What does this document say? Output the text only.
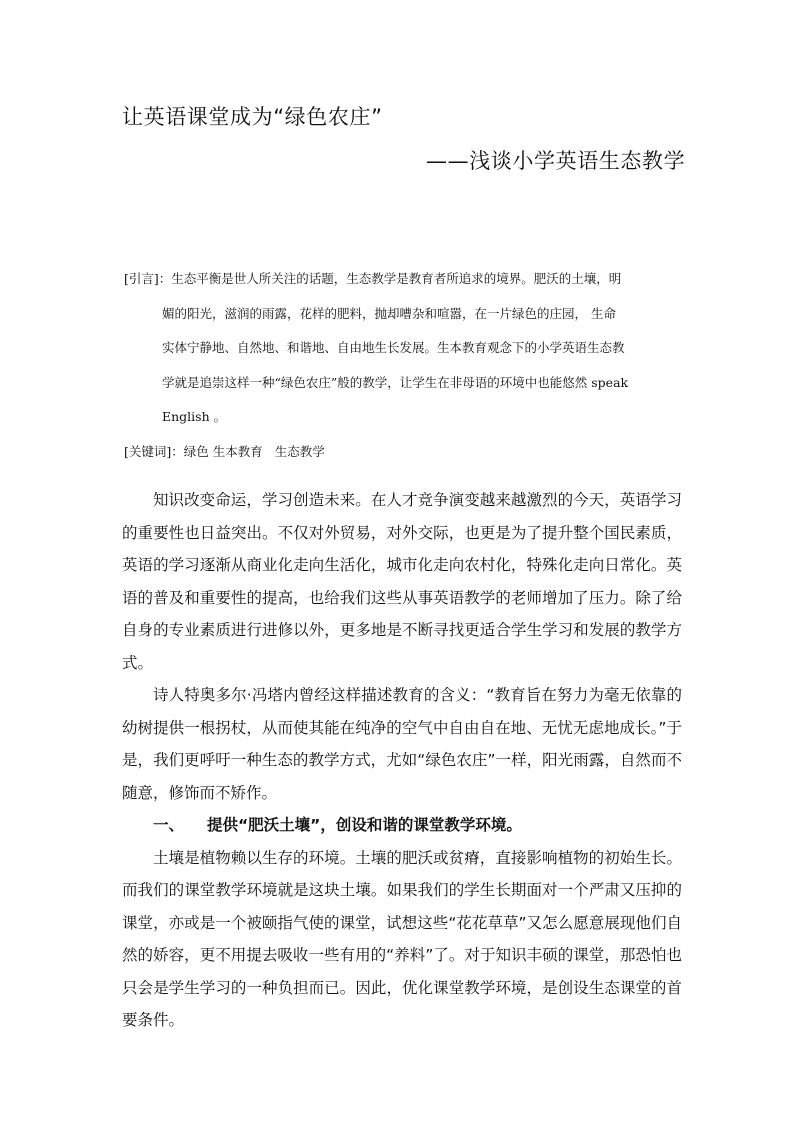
让英语课堂成为“绿色农庄”
——浅谈小学英语生态教学
[引言]：生态平衡是世人所关注的话题，生态教学是教育者所追求的境界。肥沃的土壤，明
媚的阳光，滋润的雨露，花样的肥料，抛却嘈杂和喧嚣，在一片绿色的庄园， 生命
实体宁静地、自然地、和谐地、自由地生长发展。生本教育观念下的小学英语生态教
学就是追崇这样一种“绿色农庄”般的教学，让学生在非母语的环境中也能悠然 speak
English 。
[关键词]：绿色 生本教育 生态教学

知识改变命运，学习创造未来。在人才竞争演变越来越激烈的今天，英语学习的重要性也日益突出。不仅对外贸易，对外交际，也更是为了提升整个国民素质，英语的学习逐渐从商业化走向生活化，城市化走向农村化，特殊化走向日常化。英语的普及和重要性的提高，也给我们这些从事英语教学的老师增加了压力。除了给自身的专业素质进行进修以外，更多地是不断寻找更适合学生学习和发展的教学方式。

诗人特奥多尔·冯塔内曾经这样描述教育的含义：“教育旨在努力为毫无依靠的幼树提供一根拐杖，从而使其能在纯净的空气中自由自在地、无忧无虑地成长。”于是，我们更呼吁一种生态的教学方式，尤如“绿色农庄”一样，阳光雨露，自然而不随意，修饰而不矫作。

一、 提供“肥沃土壤”，创设和谐的课堂教学环境。

土壤是植物赖以生存的环境。土壤的肥沃或贫瘠，直接影响植物的初始生长。而我们的课堂教学环境就是这块土壤。如果我们的学生长期面对一个严肃又压抑的课堂，亦或是一个被颐指气使的课堂，试想这些“花花草草”又怎么愿意展现他们自然的娇容，更不用提去吸收一些有用的“养料”了。对于知识丰硕的课堂，那恐怕也只会是学生学习的一种负担而已。因此，优化课堂教学环境，是创设生态课堂的首要条件。
